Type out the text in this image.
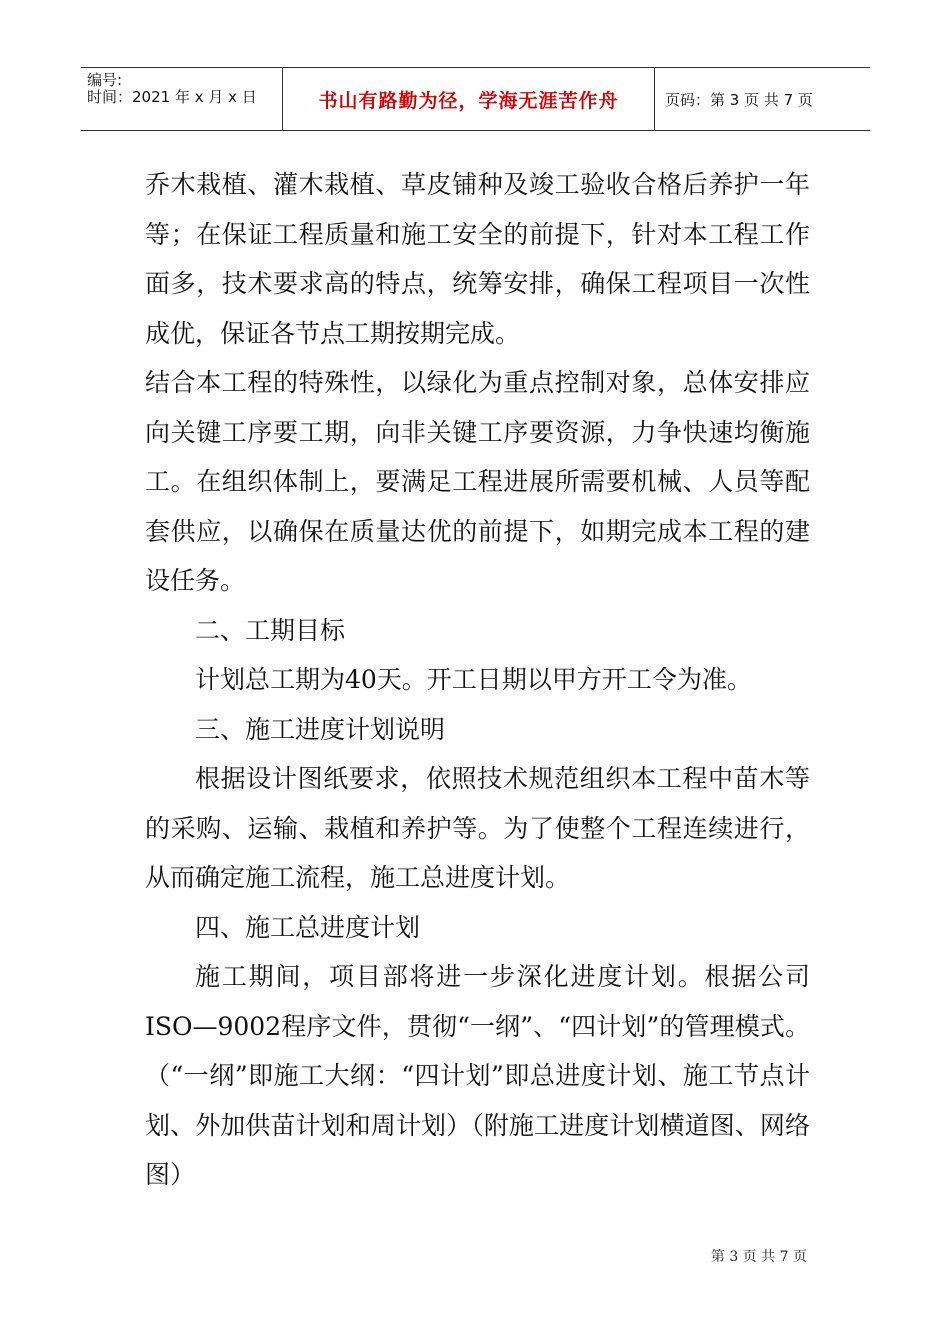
编号:
时间：2021 年 x 月 x 日	书山有路勤为径，学海无涯苦作舟	页码：第 3 页 共 7 页

乔木栽植、灌木栽植、草皮铺种及竣工验收合格后养护一年等；在保证工程质量和施工安全的前提下，针对本工程工作面多，技术要求高的特点，统筹安排，确保工程项目一次性成优，保证各节点工期按期完成。

结合本工程的特殊性，以绿化为重点控制对象，总体安排应向关键工序要工期，向非关键工序要资源，力争快速均衡施工。在组织体制上，要满足工程进展所需要机械、人员等配套供应，以确保在质量达优的前提下，如期完成本工程的建设任务。

二、工期目标

计划总工期为40天。开工日期以甲方开工令为准。

三、施工进度计划说明

根据设计图纸要求，依照技术规范组织本工程中苗木等的采购、运输、栽植和养护等。为了使整个工程连续进行，从而确定施工流程，施工总进度计划。

四、施工总进度计划

施工期间，项目部将进一步深化进度计划。根据公司ISO—9002程序文件，贯彻“一纲”、“四计划”的管理模式。（“一纲”即施工大纲：“四计划”即总进度计划、施工节点计划、外加供苗计划和周计划）（附施工进度计划横道图、网络图）

第 3 页 共 7 页
